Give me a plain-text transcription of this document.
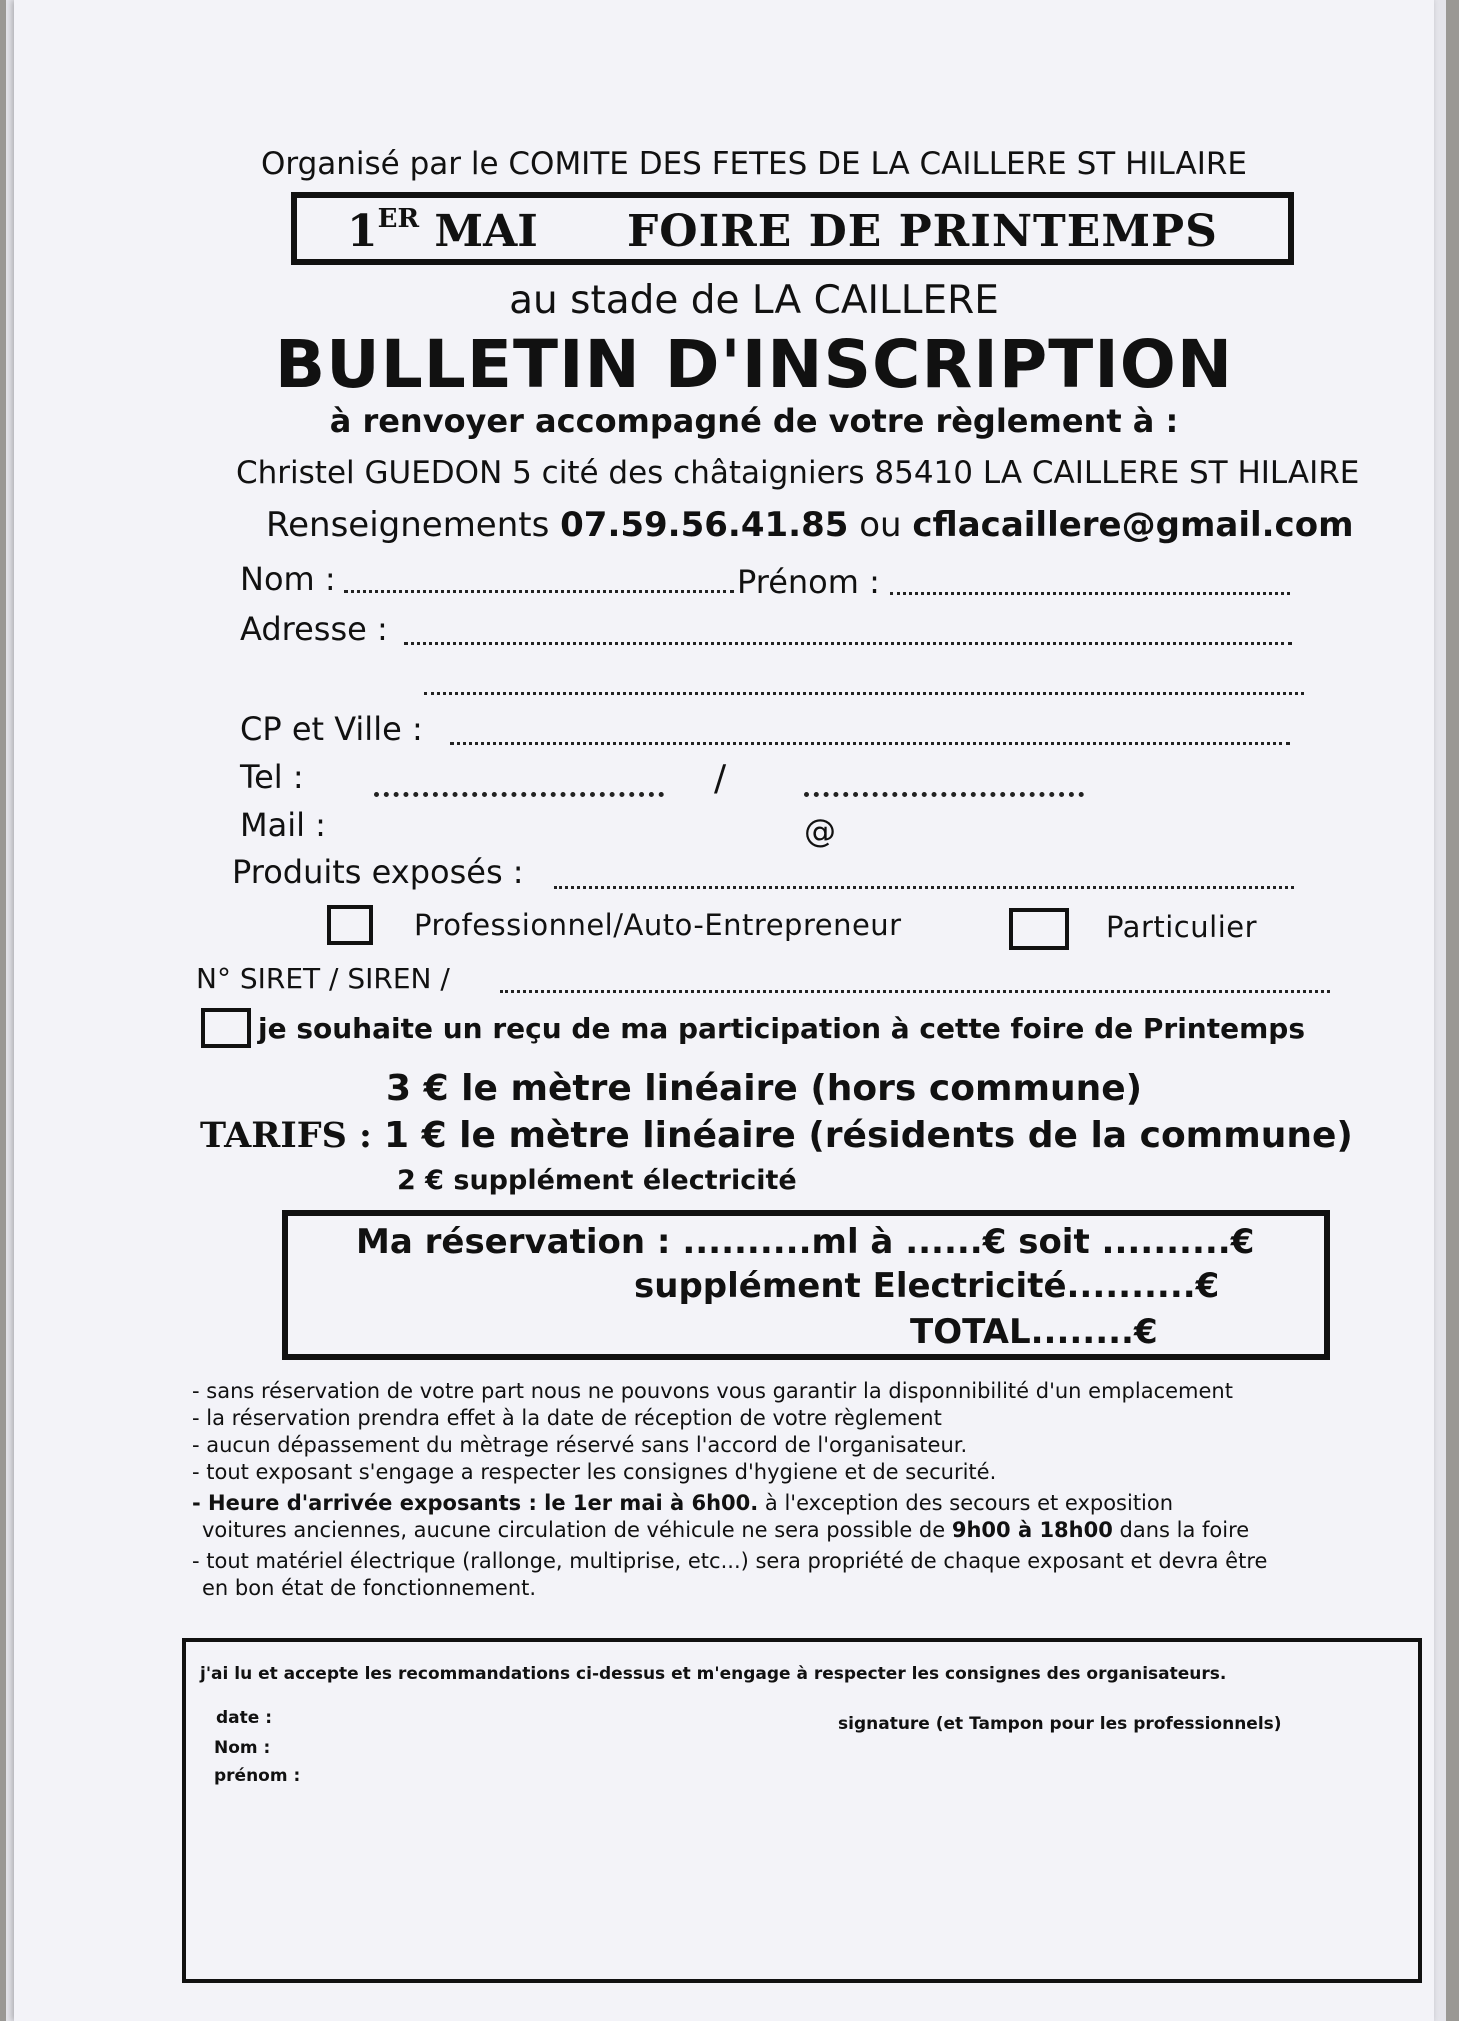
Organisé par le COMITE DES FETES DE LA CAILLERE ST HILAIRE
1ER MAI FOIRE DE PRINTEMPS
au stade de LA CAILLERE
BULLETIN D'INSCRIPTION
à renvoyer accompagné de votre règlement à :
Christel GUEDON 5 cité des châtaigniers 85410 LA CAILLERE ST HILAIRE
Renseignements 07.59.56.41.85 ou cflacaillere@gmail.com
Nom :	Prénom :
Adresse :
CP et Ville :
Tel :	/
Mail :	@
Produits exposés :
Professionnel/Auto-Entrepreneur	Particulier
N° SIRET / SIREN /
je souhaite un reçu de ma participation à cette foire de Printemps
3 € le mètre linéaire (hors commune)
TARIFS : 1 € le mètre linéaire (résidents de la commune)
2 € supplément électricité
Ma réservation : ..........ml à ......€ soit ..........€
supplément Electricité..........€
TOTAL........€
- sans réservation de votre part nous ne pouvons vous garantir la disponnibilité d'un emplacement
- la réservation prendra effet à la date de réception de votre règlement
- aucun dépassement du mètrage réservé sans l'accord de l'organisateur.
- tout exposant s'engage a respecter les consignes d'hygiene et de securité.
- Heure d'arrivée exposants : le 1er mai à 6h00. à l'exception des secours et exposition
voitures anciennes, aucune circulation de véhicule ne sera possible de 9h00 à 18h00 dans la foire
- tout matériel électrique (rallonge, multiprise, etc...) sera propriété de chaque exposant et devra être
en bon état de fonctionnement.
j'ai lu et accepte les recommandations ci-dessus et m'engage à respecter les consignes des organisateurs.
date :	signature (et Tampon pour les professionnels)
Nom :
prénom :
